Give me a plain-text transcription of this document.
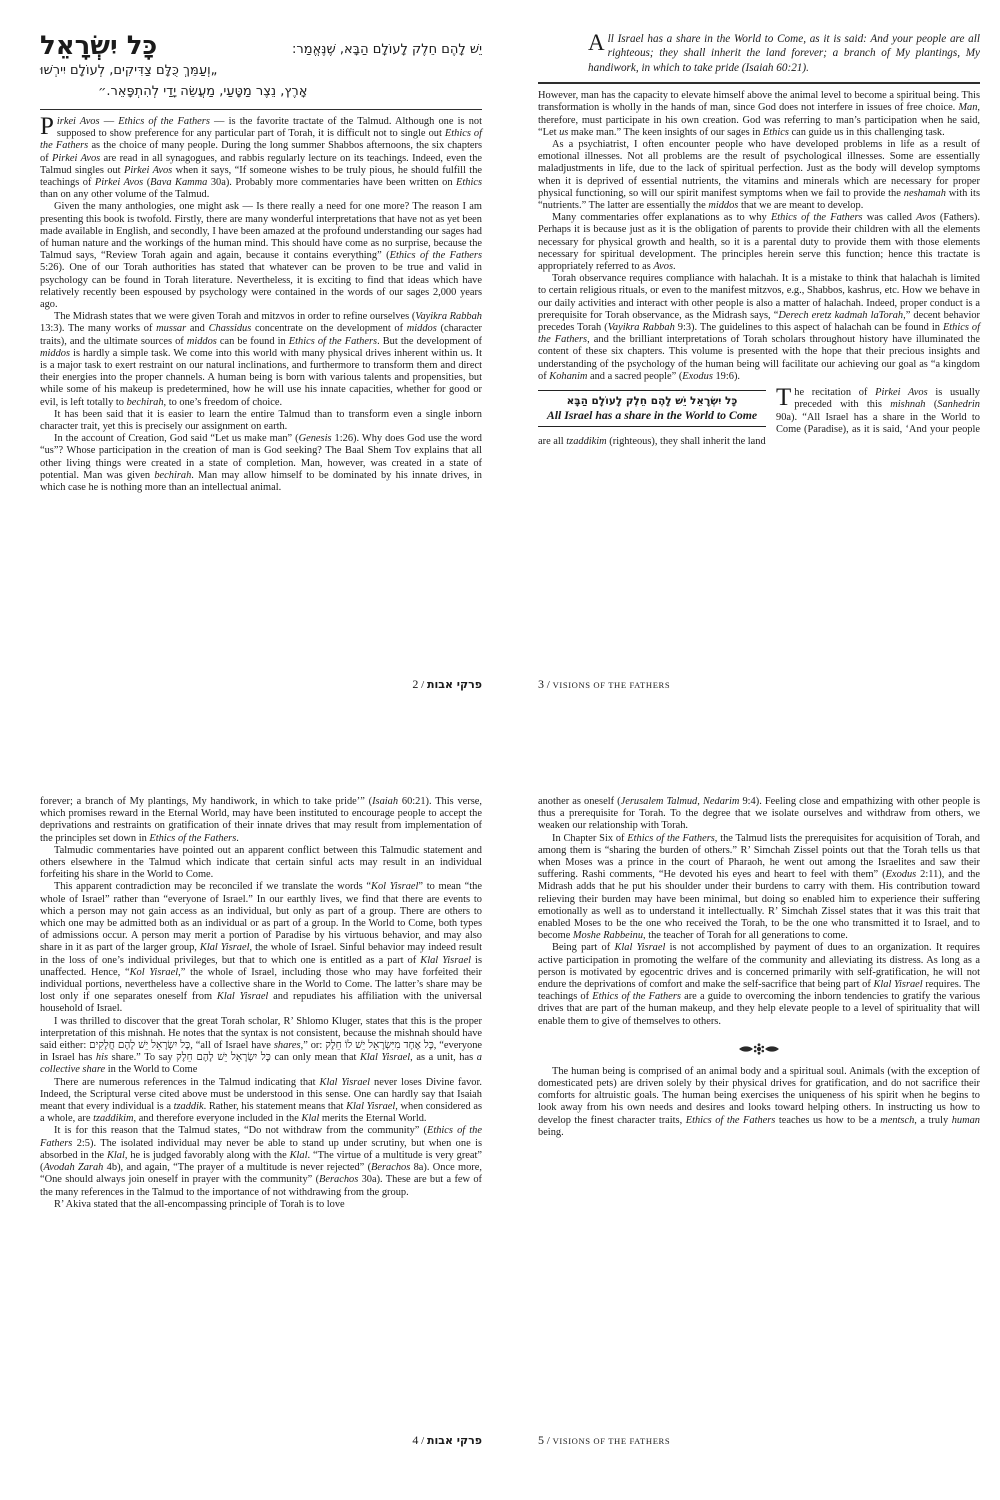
כָּל יִשְׂרָאֵל	יֵשׁ לָהֶם חֵלֶק לָעוֹלָם הַבָּא, שֶׁנֶּאֱמַר:
„וְעַמֵּךְ כֻּלָּם צַדִּיקִים, לְעוֹלָם יִירְשׁוּ
אָרֶץ, נֵצֶר מַטָּעַי, מַעֲשֵׂה יָדַי לְהִתְפָּאֵר.״
Pirkei Avos — Ethics of the Fathers — is the favorite tractate of the Talmud. Although one is not supposed to show preference for any particular part of Torah, it is difficult not to single out Ethics of the Fathers as the choice of many people. During the long summer Shabbos afternoons, the six chapters of Pirkei Avos are read in all synagogues, and rabbis regularly lecture on its teachings. Indeed, even the Talmud singles out Pirkei Avos when it says, “If someone wishes to be truly pious, he should fulfill the teachings of Pirkei Avos (Bava Kamma 30a). Probably more commentaries have been written on Ethics than on any other volume of the Talmud.
Given the many anthologies, one might ask — Is there really a need for one more? The reason I am presenting this book is twofold. Firstly, there are many wonderful interpretations that have not as yet been made available in English, and secondly, I have been amazed at the profound understanding our sages had of human nature and the workings of the human mind. This should have come as no surprise, because the Talmud says, “Review Torah again and again, because it contains everything” (Ethics of the Fathers 5:26). One of our Torah authorities has stated that whatever can be proven to be true and valid in psychology can be found in Torah literature. Nevertheless, it is exciting to find that ideas which have relatively recently been espoused by psychology were contained in the words of our sages 2,000 years ago.
The Midrash states that we were given Torah and mitzvos in order to refine ourselves (Vayikra Rabbah 13:3). The many works of mussar and Chassidus concentrate on the development of middos (character traits), and the ultimate sources of middos can be found in Ethics of the Fathers. But the development of middos is hardly a simple task. We come into this world with many physical drives inherent within us. It is a major task to exert restraint on our natural inclinations, and furthermore to transform them and direct their energies into the proper channels. A human being is born with various talents and propensities, but while some of his makeup is predetermined, how he will use his innate capacities, whether for good or evil, is left totally to bechirah, to one’s freedom of choice.
It has been said that it is easier to learn the entire Talmud than to transform even a single inborn character trait, yet this is precisely our assignment on earth.
In the account of Creation, God said “Let us make man” (Genesis 1:26). Why does God use the word “us”? Whose participation in the creation of man is God seeking? The Baal Shem Tov explains that all other living things were created in a state of completion. Man, however, was created in a state of potential. Man was given bechirah. Man may allow himself to be dominated by his innate drives, in which case he is nothing more than an intellectual animal.
פרקי אבות / 2
All Israel has a share in the World to Come, as it is said: And your people are all righteous; they shall inherit the land forever; a branch of My plantings, My handiwork, in which to take pride (Isaiah 60:21).
However, man has the capacity to elevate himself above the animal level to become a spiritual being. This transformation is wholly in the hands of man, since God does not interfere in issues of free choice. Man, therefore, must participate in his own creation. God was referring to man’s participation when he said, “Let us make man.” The keen insights of our sages in Ethics can guide us in this challenging task.
As a psychiatrist, I often encounter people who have developed problems in life as a result of emotional illnesses. Not all problems are the result of psychological illnesses. Some are essentially maladjustments in life, due to the lack of spiritual perfection. Just as the body will develop symptoms when it is deprived of essential nutrients, the vitamins and minerals which are necessary for proper physical functioning, so will our spirit manifest symptoms when we fail to provide the neshamah with its “nutrients.” The latter are essentially the middos that we are meant to develop.
Many commentaries offer explanations as to why Ethics of the Fathers was called Avos (Fathers). Perhaps it is because just as it is the obligation of parents to provide their children with all the elements necessary for physical growth and health, so it is a parental duty to provide them with those elements necessary for spiritual development. The principles herein serve this function; hence this tractate is appropriately referred to as Avos.
Torah observance requires compliance with halachah. It is a mistake to think that halachah is limited to certain religious rituals, or even to the manifest mitzvos, e.g., Shabbos, kashrus, etc. How we behave in our daily activities and interact with other people is also a matter of halachah. Indeed, proper conduct is a prerequisite for Torah observance, as the Midrash says, “Derech eretz kadmah laTorah,” decent behavior precedes Torah (Vayikra Rabbah 9:3). The guidelines to this aspect of halachah can be found in Ethics of the Fathers, and the brilliant interpretations of Torah scholars throughout history have illuminated the content of these six chapters. This volume is presented with the hope that their precious insights and understanding of the psychology of the human being will facilitate our achieving our goal as “a kingdom of Kohanim and a sacred people” (Exodus 19:6).
כָּל יִשְׂרָאֵל יֵשׁ לָהֶם חֵלֶק לָעוֹלָם הַבָּא
All Israel has a share in the World to Come
T he recitation of Pirkei Avos is usually preceded with this mishnah (Sanhedrin 90a). “All Israel has a share in the World to Come (Paradise), as it is said, ‘And your people are all tzaddikim (righteous), they shall inherit the land
3 / VISIONS OF THE FATHERS
forever; a branch of My plantings, My handiwork, in which to take pride’” (Isaiah 60:21). This verse, which promises reward in the Eternal World, may have been instituted to encourage people to accept the deprivations and restraints on gratification of their innate drives that may result from implementation of the principles set down in Ethics of the Fathers.
Talmudic commentaries have pointed out an apparent conflict between this Talmudic statement and others elsewhere in the Talmud which indicate that certain sinful acts may result in an individual forfeiting his share in the World to Come.
This apparent contradiction may be reconciled if we translate the words “Kol Yisrael” to mean “the whole of Israel” rather than “everyone of Israel.” In our earthly lives, we find that there are events to which a person may not gain access as an individual, but only as part of a group. There are others to which one may be admitted both as an individual or as part of a group. In the World to Come, both types of admissions occur. A person may merit a portion of Paradise by his virtuous behavior, and may also share in it as part of the larger group, Klal Yisrael, the whole of Israel. Sinful behavior may indeed result in the loss of one’s individual privileges, but that to which one is entitled as a part of Klal Yisrael is unaffected. Hence, “Kol Yisrael,” the whole of Israel, including those who may have forfeited their individual portions, nevertheless have a collective share in the World to Come. The latter’s share may be lost only if one separates oneself from Klal Yisrael and repudiates his affiliation with the universal household of Israel.
I was thrilled to discover that the great Torah scholar, R’ Shlomo Kluger, states that this is the proper interpretation of this mishnah. He notes that the syntax is not consistent, because the mishnah should have said either: כָּל יִשְׂרָאֵל יֵשׁ לָהֶם חֲלָקִים, “all of Israel have shares,” or: כָּל אֶחָד מִיִּשְׂרָאֵל יֵשׁ לוֹ חֵלֶק, “everyone in Israel has his share.” To say כָּל יִשְׂרָאֵל יֵשׁ לָהֶם חֵלֶק can only mean that Klal Yisrael, as a unit, has a collective share in the World to Come
There are numerous references in the Talmud indicating that Klal Yisrael never loses Divine favor. Indeed, the Scriptural verse cited above must be understood in this sense. One can hardly say that Isaiah meant that every individual is a tzaddik. Rather, his statement means that Klal Yisrael, when considered as a whole, are tzaddikim, and therefore everyone included in the Klal merits the Eternal World.
It is for this reason that the Talmud states, “Do not withdraw from the community” (Ethics of the Fathers 2:5). The isolated individual may never be able to stand up under scrutiny, but when one is absorbed in the Klal, he is judged favorably along with the Klal. “The virtue of a multitude is very great” (Avodah Zarah 4b), and again, “The prayer of a multitude is never rejected” (Berachos 8a). Once more, “One should always join oneself in prayer with the community” (Berachos 30a). These are but a few of the many references in the Talmud to the importance of not withdrawing from the group.
R’ Akiva stated that the all-encompassing principle of Torah is to love
פרקי אבות / 4
another as oneself (Jerusalem Talmud, Nedarim 9:4). Feeling close and empathizing with other people is thus a prerequisite for Torah. To the degree that we isolate ourselves and withdraw from others, we weaken our relationship with Torah.
In Chapter Six of Ethics of the Fathers, the Talmud lists the prerequisites for acquisition of Torah, and among them is “sharing the burden of others.” R’ Simchah Zissel points out that the Torah tells us that when Moses was a prince in the court of Pharaoh, he went out among the Israelites and saw their suffering. Rashi comments, “He devoted his eyes and heart to feel with them” (Exodus 2:11), and the Midrash adds that he put his shoulder under their burdens to carry with them. His contribution toward relieving their burden may have been minimal, but doing so enabled him to experience their suffering emotionally as well as to understand it intellectually. R’ Simchah Zissel states that it was this trait that enabled Moses to be the one who received the Torah, to be the one who transmitted it to Israel, and to become Moshe Rabbeinu, the teacher of Torah for all generations to come.
Being part of Klal Yisrael is not accomplished by payment of dues to an organization. It requires active participation in promoting the welfare of the community and alleviating its distress. As long as a person is motivated by egocentric drives and is concerned primarily with self-gratification, he will not endure the deprivations of comfort and make the self-sacrifice that being part of Klal Yisrael requires. The teachings of Ethics of the Fathers are a guide to overcoming the inborn tendencies to gratify the various drives that are part of the human makeup, and they help elevate people to a level of spirituality that will enable them to give of themselves to others.
The human being is comprised of an animal body and a spiritual soul. Animals (with the exception of domesticated pets) are driven solely by their physical drives for gratification, and do not sacrifice their comforts for altruistic goals. The human being exercises the uniqueness of his spirit when he begins to look away from his own needs and desires and looks toward helping others. In instructing us how to develop the finest character traits, Ethics of the Fathers teaches us how to be a mentsch, a truly human being.
5 / VISIONS OF THE FATHERS
